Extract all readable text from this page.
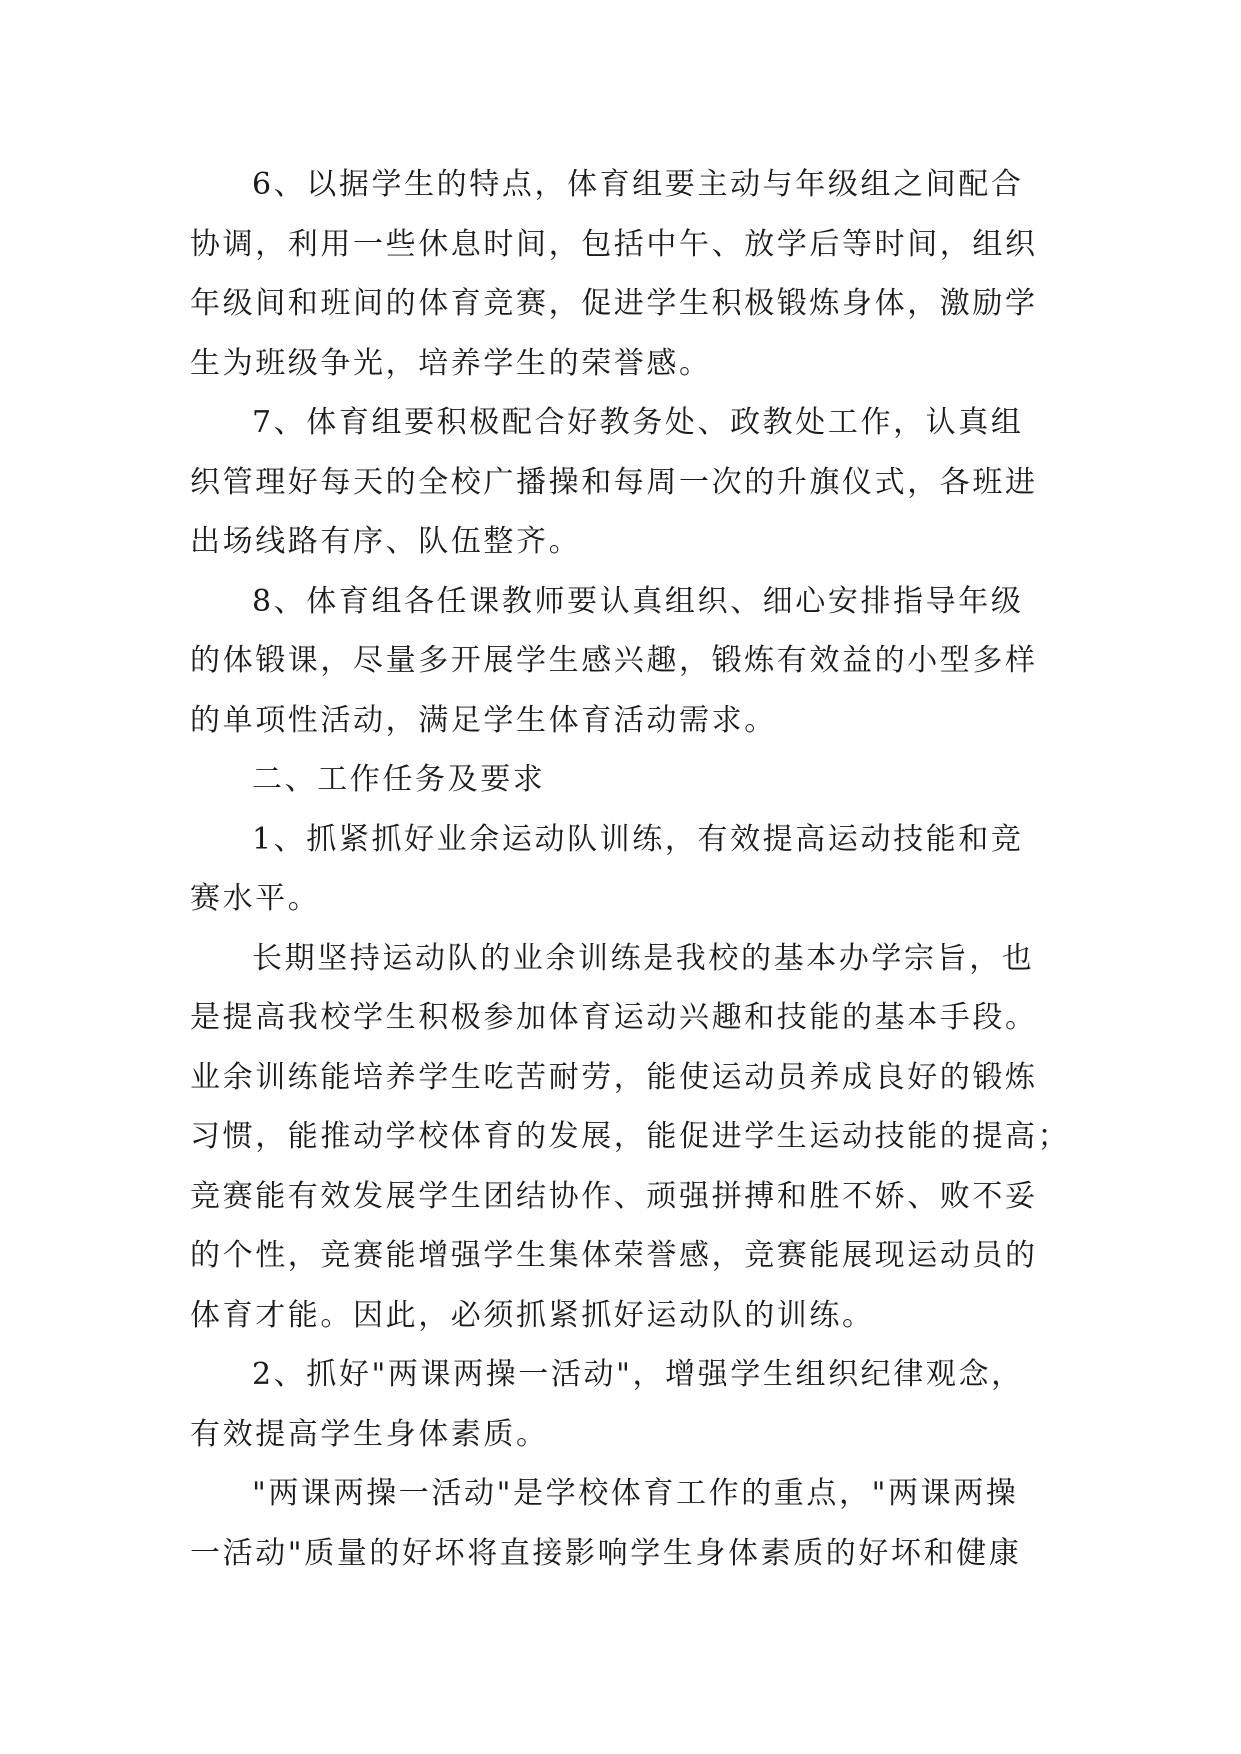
6、以据学生的特点，体育组要主动与年级组之间配合
协调，利用一些休息时间，包括中午、放学后等时间，组织
年级间和班间的体育竞赛，促进学生积极锻炼身体，激励学
生为班级争光，培养学生的荣誉感。
7、体育组要积极配合好教务处、政教处工作，认真组
织管理好每天的全校广播操和每周一次的升旗仪式，各班进
出场线路有序、队伍整齐。
8、体育组各任课教师要认真组织、细心安排指导年级
的体锻课，尽量多开展学生感兴趣，锻炼有效益的小型多样
的单项性活动，满足学生体育活动需求。
二、工作任务及要求
1、抓紧抓好业余运动队训练，有效提高运动技能和竞
赛水平。
长期坚持运动队的业余训练是我校的基本办学宗旨，也
是提高我校学生积极参加体育运动兴趣和技能的基本手段。
业余训练能培养学生吃苦耐劳，能使运动员养成良好的锻炼
习惯，能推动学校体育的发展，能促进学生运动技能的提高；
竞赛能有效发展学生团结协作、顽强拼搏和胜不娇、败不妥
的个性，竞赛能增强学生集体荣誉感，竞赛能展现运动员的
体育才能。因此，必须抓紧抓好运动队的训练。
2、抓好"两课两操一活动"，增强学生组织纪律观念，
有效提高学生身体素质。
"两课两操一活动"是学校体育工作的重点，"两课两操
一活动"质量的好坏将直接影响学生身体素质的好坏和健康
